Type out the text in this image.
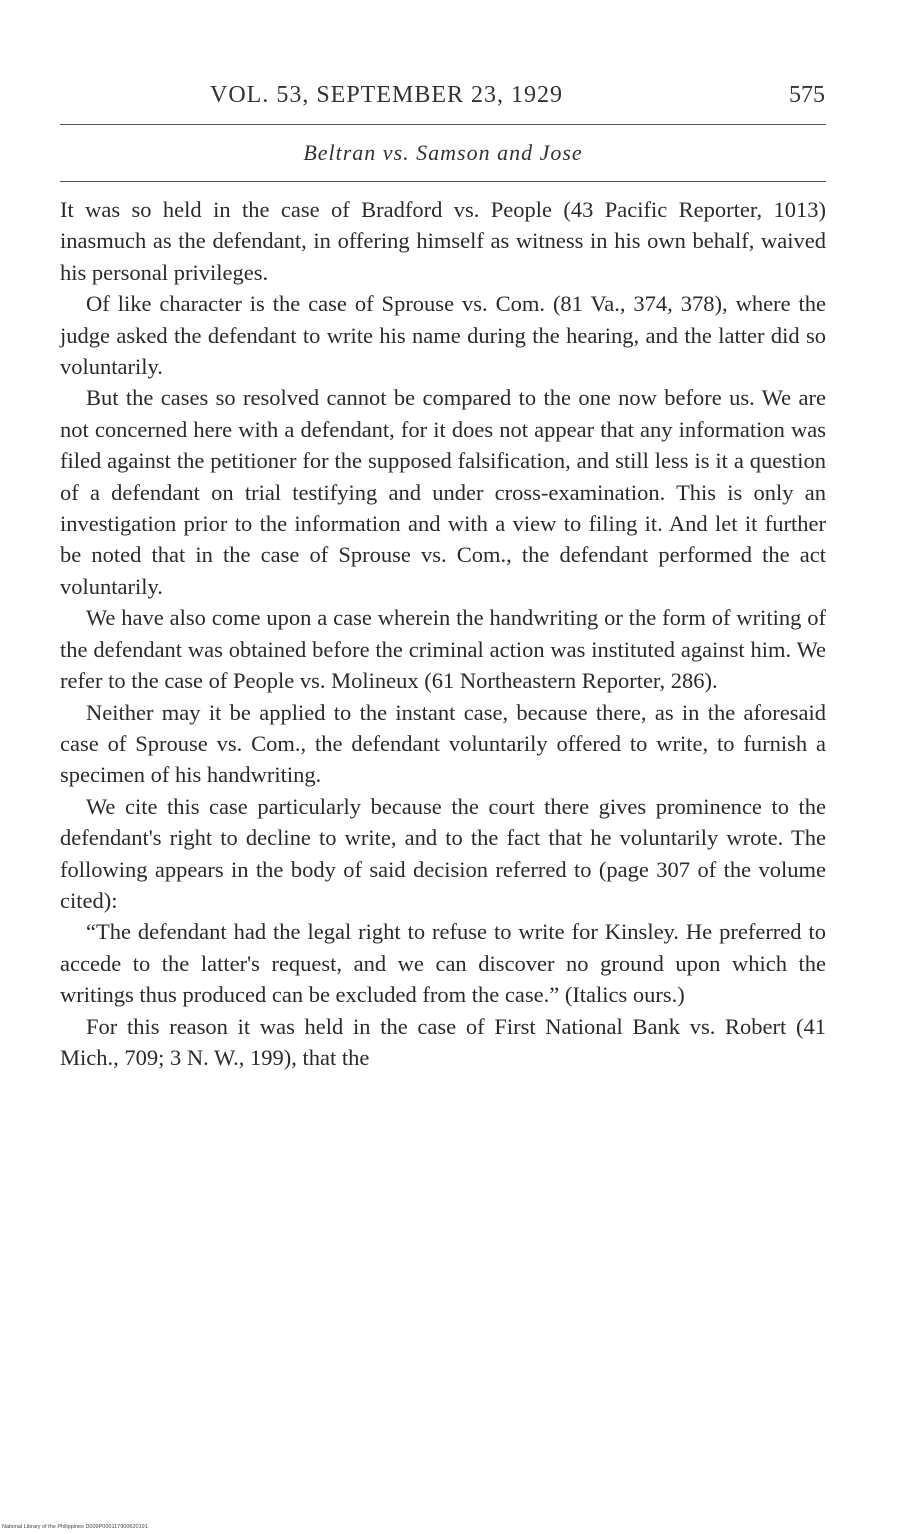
VOL. 53, SEPTEMBER 23, 1929	575
Beltran vs. Samson and Jose

It was so held in the case of Bradford vs. People (43 Pacific Reporter, 1013) inasmuch as the defendant, in offering himself as witness in his own behalf, waived his personal privileges.

Of like character is the case of Sprouse vs. Com. (81 Va., 374, 378), where the judge asked the defendant to write his name during the hearing, and the latter did so voluntarily.

But the cases so resolved cannot be compared to the one now before us. We are not concerned here with a defendant, for it does not appear that any information was filed against the petitioner for the supposed falsification, and still less is it a question of a defendant on trial testifying and under cross-examination. This is only an investigation prior to the information and with a view to filing it. And let it further be noted that in the case of Sprouse vs. Com., the defendant performed the act voluntarily.

We have also come upon a case wherein the handwriting or the form of writing of the defendant was obtained before the criminal action was instituted against him. We refer to the case of People vs. Molineux (61 Northeastern Reporter, 286).

Neither may it be applied to the instant case, because there, as in the aforesaid case of Sprouse vs. Com., the defendant voluntarily offered to write, to furnish a specimen of his handwriting.

We cite this case particularly because the court there gives prominence to the defendant's right to decline to write, and to the fact that he voluntarily wrote. The following appears in the body of said decision referred to (page 307 of the volume cited):

“The defendant had the legal right to refuse to write for Kinsley. He preferred to accede to the latter's request, and we can discover no ground upon which the writings thus produced can be excluded from the case.” (Italics ours.)

For this reason it was held in the case of First National Bank vs. Robert (41 Mich., 709; 3 N. W., 199), that the

National Library of the Philippines D009P000117900620191
